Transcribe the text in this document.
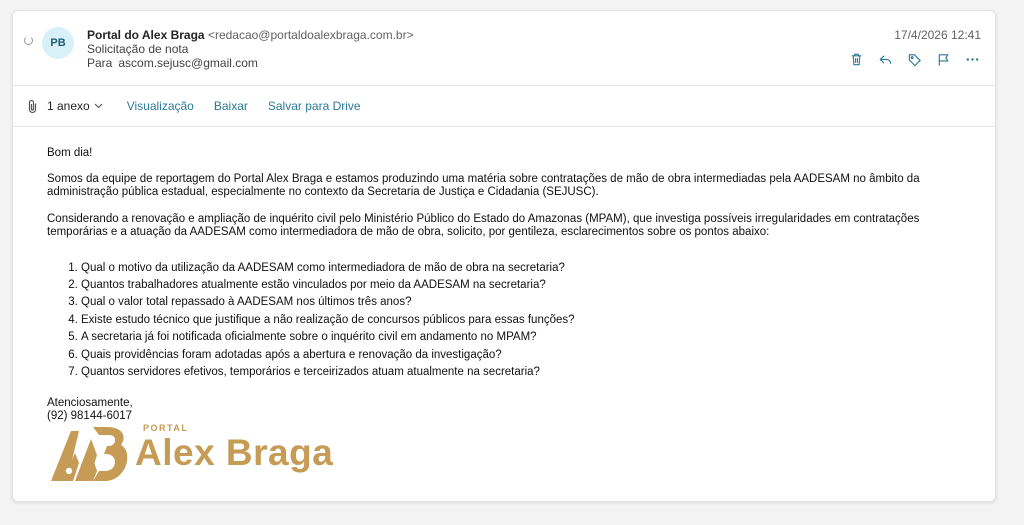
PB
Portal do Alex Braga <redacao@portaldoalexbraga.com.br>
Solicitação de nota
Para ascom.sejusc@gmail.com
17/4/2026 12:41
1 anexo	Visualização Baixar Salvar para Drive

Bom dia!

Somos da equipe de reportagem do Portal Alex Braga e estamos produzindo uma matéria sobre contratações de mão de obra intermediadas pela AADESAM no âmbito da administração pública estadual, especialmente no contexto da Secretaria de Justiça e Cidadania (SEJUSC).

Considerando a renovação e ampliação de inquérito civil pelo Ministério Público do Estado do Amazonas (MPAM), que investiga possíveis irregularidades em contratações temporárias e a atuação da AADESAM como intermediadora de mão de obra, solicito, por gentileza, esclarecimentos sobre os pontos abaixo:

1. Qual o motivo da utilização da AADESAM como intermediadora de mão de obra na secretaria?
2. Quantos trabalhadores atualmente estão vinculados por meio da AADESAM na secretaria?
3. Qual o valor total repassado à AADESAM nos últimos três anos?
4. Existe estudo técnico que justifique a não realização de concursos públicos para essas funções?
5. A secretaria já foi notificada oficialmente sobre o inquérito civil em andamento no MPAM?
6. Quais providências foram adotadas após a abertura e renovação da investigação?
7. Quantos servidores efetivos, temporários e terceirizados atuam atualmente na secretaria?

Atenciosamente,

(92) 98144-6017

PORTAL
Alex Braga
